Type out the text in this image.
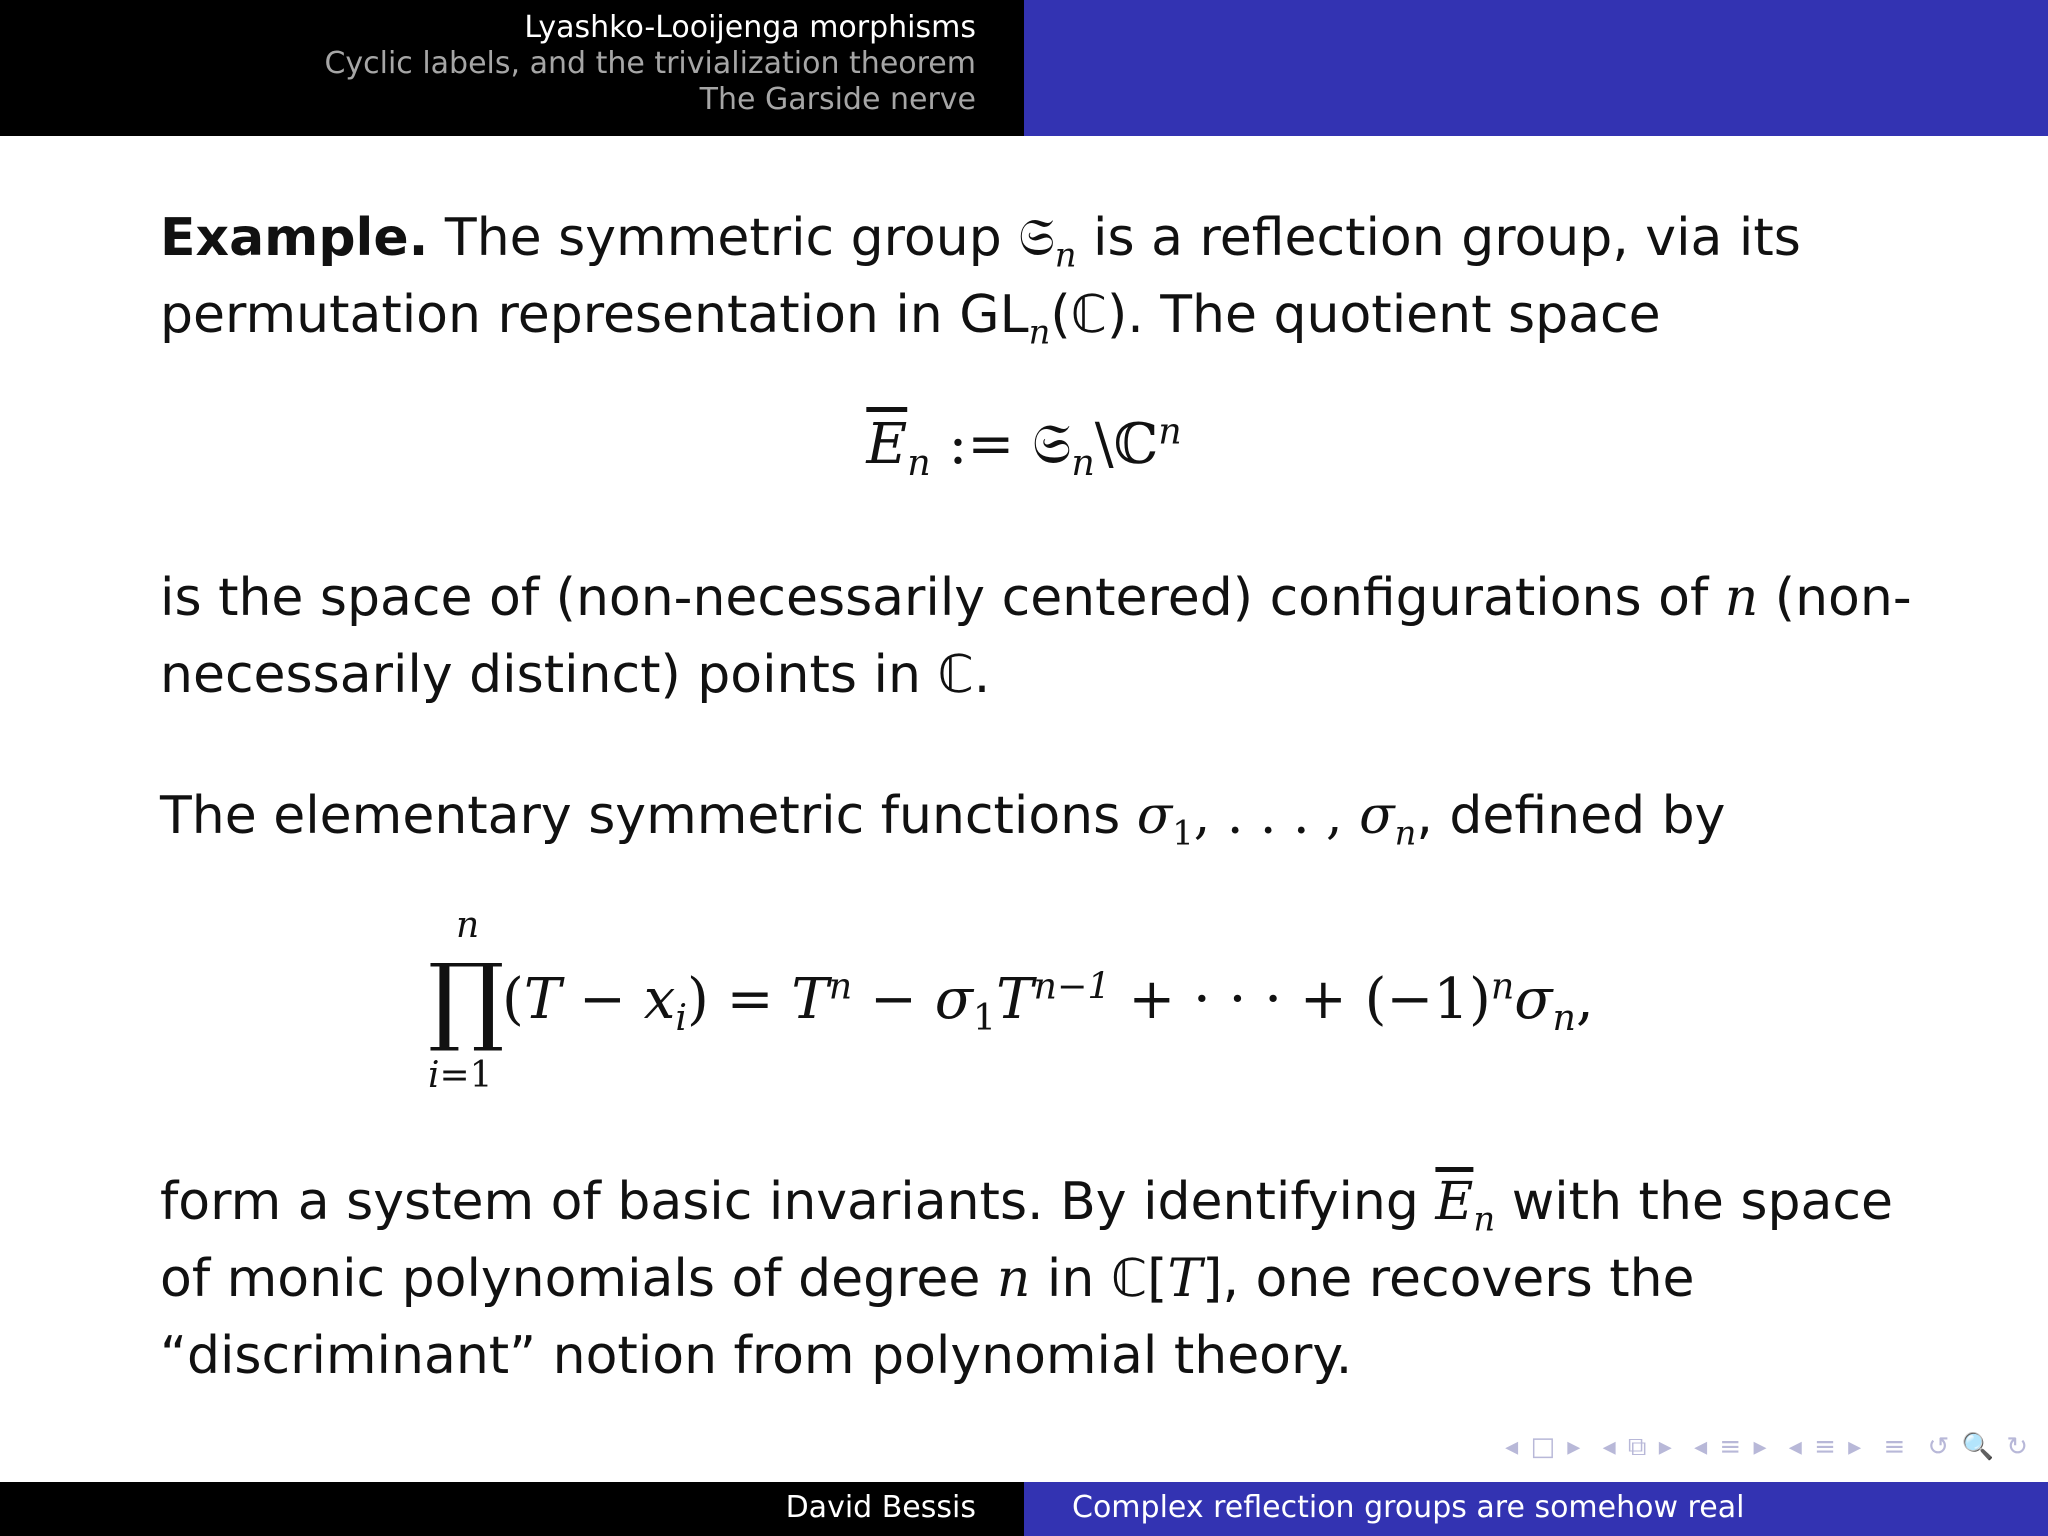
Lyashko-Looijenga morphisms
Cyclic labels, and the trivialization theorem
The Garside nerve
Example. The symmetric group 𝔖$_n$ is a reflection group, via its permutation representation in $GL_n(ℂ)$. The quotient space
$\overline{E}_n$ := 𝔖$_n$\ℂ$^n$
is the space of (non-necessarily centered) configurations of n (non-necessarily distinct) points in ℂ.
The elementary symmetric functions $\sigma_1$, . . . , $\sigma_n$, defined by
n
∏
i=1
$(T - x_i) = T^n - \sigma_1T^{n-1}$ + · · · + $(-1)^n\sigma_n$,
form a system of basic invariants. By identifying $\overline{E}_n$ with the space of monic polynomials of degree n in ℂ[T], one recovers the “discriminant” notion from polynomial theory.
◂ □ ▸ ◂ ⧉ ▸ ◂ ≡ ▸ ◂ ≡ ▸ ≡ ↺ 🔍 ↻
David Bessis	Complex reflection groups are somehow real
